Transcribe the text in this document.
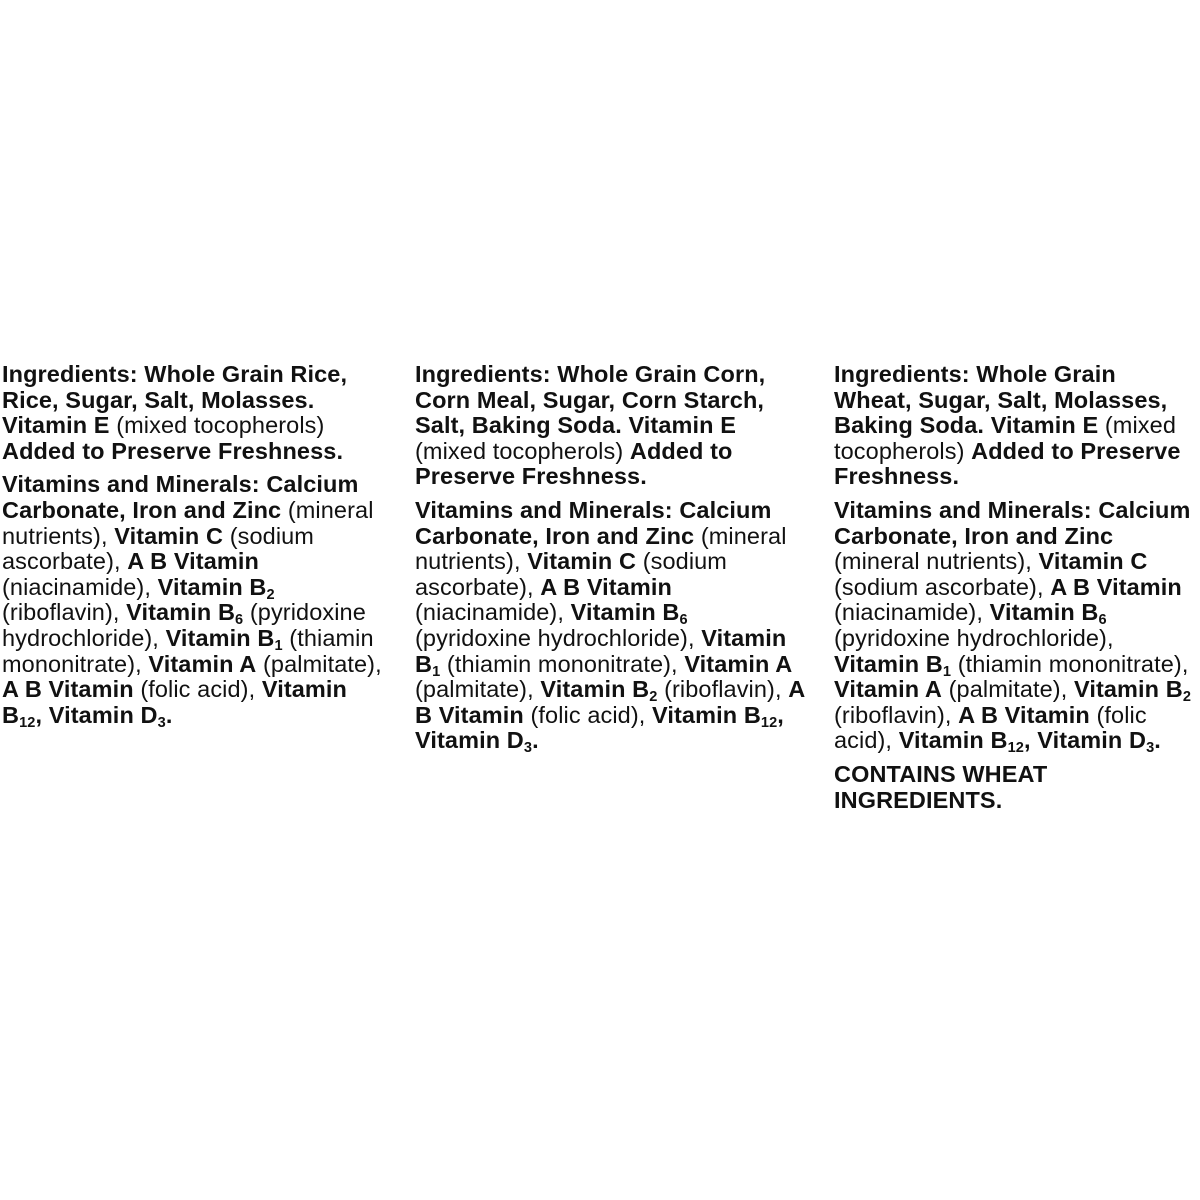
Ingredients: Whole Grain Rice, Rice, Sugar, Salt, Molasses. Vitamin E (mixed tocopherols) Added to Preserve Freshness.

Vitamins and Minerals: Calcium Carbonate, Iron and Zinc (mineral nutrients), Vitamin C (sodium ascorbate), A B Vitamin (niacinamide), Vitamin $B_2$ (riboflavin), Vitamin $B_6$ (pyridoxine hydrochloride), Vitamin $B_1$ (thiamin mononitrate), Vitamin A (palmitate), A B Vitamin (folic acid), Vitamin $B_{12}$, Vitamin $D_3$.

Ingredients: Whole Grain Corn, Corn Meal, Sugar, Corn Starch, Salt, Baking Soda. Vitamin E (mixed tocopherols) Added to Preserve Freshness.

Vitamins and Minerals: Calcium Carbonate, Iron and Zinc (mineral nutrients), Vitamin C (sodium ascorbate), A B Vitamin (niacinamide), Vitamin $B_6$ (pyridoxine hydrochloride), Vitamin $B_1$ (thiamin mononitrate), Vitamin A (palmitate), Vitamin $B_2$ (riboflavin), A B Vitamin (folic acid), Vitamin $B_{12}$, Vitamin $D_3$.

Ingredients: Whole Grain Wheat, Sugar, Salt, Molasses, Baking Soda. Vitamin E (mixed tocopherols) Added to Preserve Freshness.

Vitamins and Minerals: Calcium Carbonate, Iron and Zinc (mineral nutrients), Vitamin C (sodium ascorbate), A B Vitamin (niacinamide), Vitamin $B_6$ (pyridoxine hydrochloride), Vitamin $B_1$ (thiamin mononitrate), Vitamin A (palmitate), Vitamin $B_2$ (riboflavin), A B Vitamin (folic acid), Vitamin $B_{12}$, Vitamin $D_3$.

CONTAINS WHEAT INGREDIENTS.
